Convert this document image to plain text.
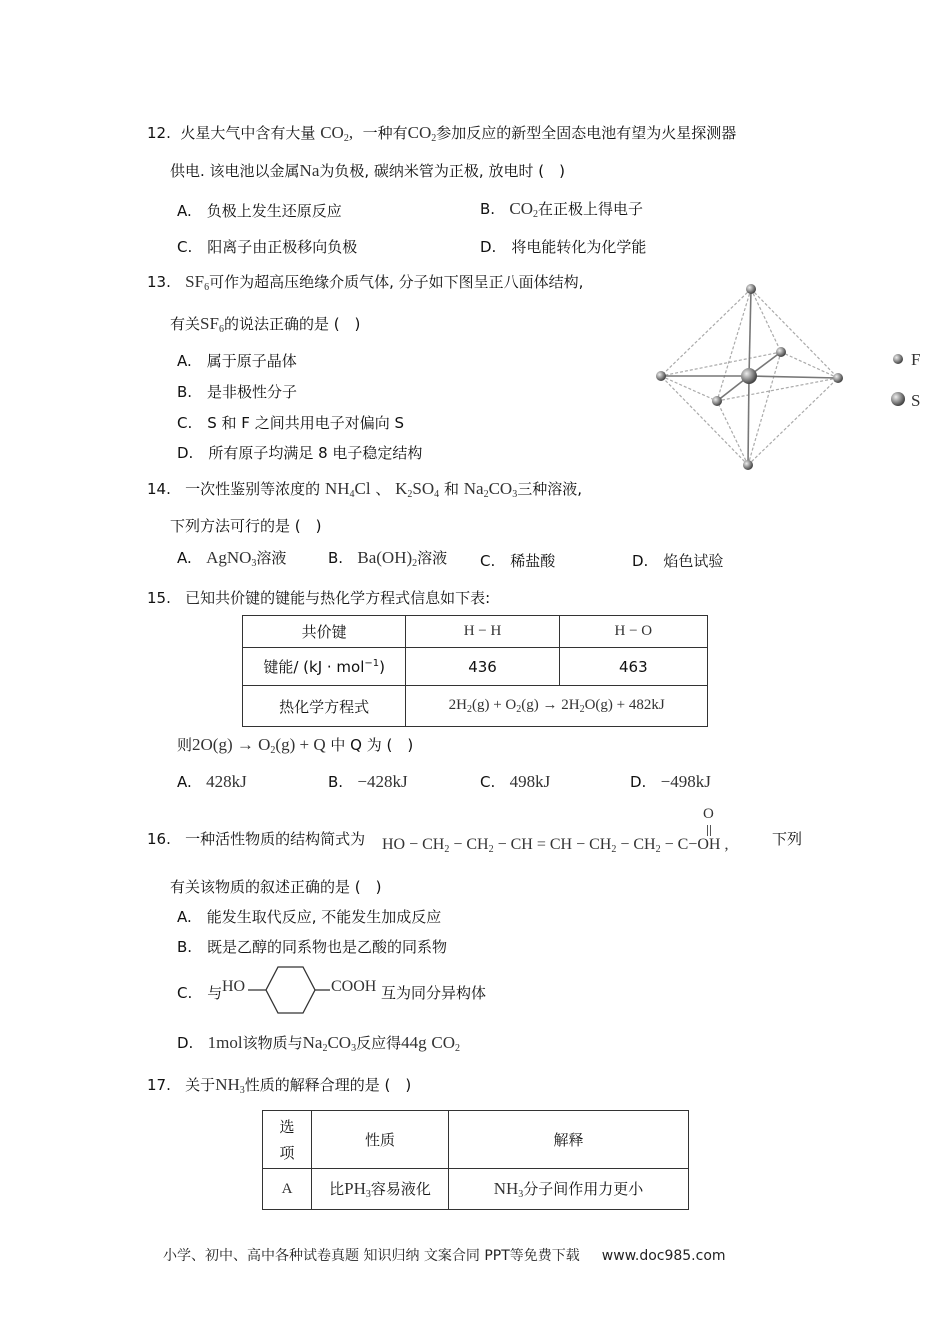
12. 火星大气中含有大量 $CO_2$, 一种有$CO_2$参加反应的新型全固态电池有望为火星探测器
供电. 该电池以金属Na为负极, 碳纳米管为正极, 放电时 (　)
A.　负极上发生还原反应	B. $CO_2$在正极上得电子
C.　阳离子由正极移向负极	D.　将电能转化为化学能
13. $SF_6$可作为超高压绝缘介质气体, 分子如下图呈正八面体结构,
有关$SF_6$的说法正确的是 (　)
A.　属于原子晶体
B.　是非极性分子
C.　S 和 F 之间共用电子对偏向 S
D.　所有原子均满足 8 电子稳定结构
F
S
14. 一次性鉴别等浓度的 $NH_4Cl$ 、 $K_2SO_4$ 和 $Na_2CO_3$三种溶液,
下列方法可行的是 (　)
A. AgNO$_3$溶液	B. $Ba(OH)_2$溶液 C.　稀盐酸	D.　焰色试验
15. 已知共价键的键能与热化学方程式信息如下表:
共价键	H − H	H − O
键能/ (kJ · mol$^{-1}$)	436	463
热化学方程式	$2H_2(g) + O_2(g) \to 2H_2O(g) + 482kJ$	
则$2O(g) \to O_2(g) + Q$ 中 Q 为 (　)
A. 428kJ	B. −428kJ	C. 498kJ	D. −498kJ
16. 一种活性物质的结构简式为 HO − $CH_2 - CH_2$ − CH = CH − $CH_2 - CH_2 - C-OH$ ,
O
下列
有关该物质的叙述正确的是 (　)
A.　能发生取代反应, 不能发生加成反应
B.　既是乙醇的同系物也是乙酸的同系物
C.　与 HO	COOH 互为同分异构体
D. 1mol该物质与$Na_2CO_3$反应得44g $CO_2$
17. 关于$NH_3$性质的解释合理的是 (　)
选
项	性质	解释
A	比$PH_3$容易液化	$NH_3$分子间作用力更小
小学、初中、高中各种试卷真题 知识归纳 文案合同 PPT等免费下载 www.doc985.com
